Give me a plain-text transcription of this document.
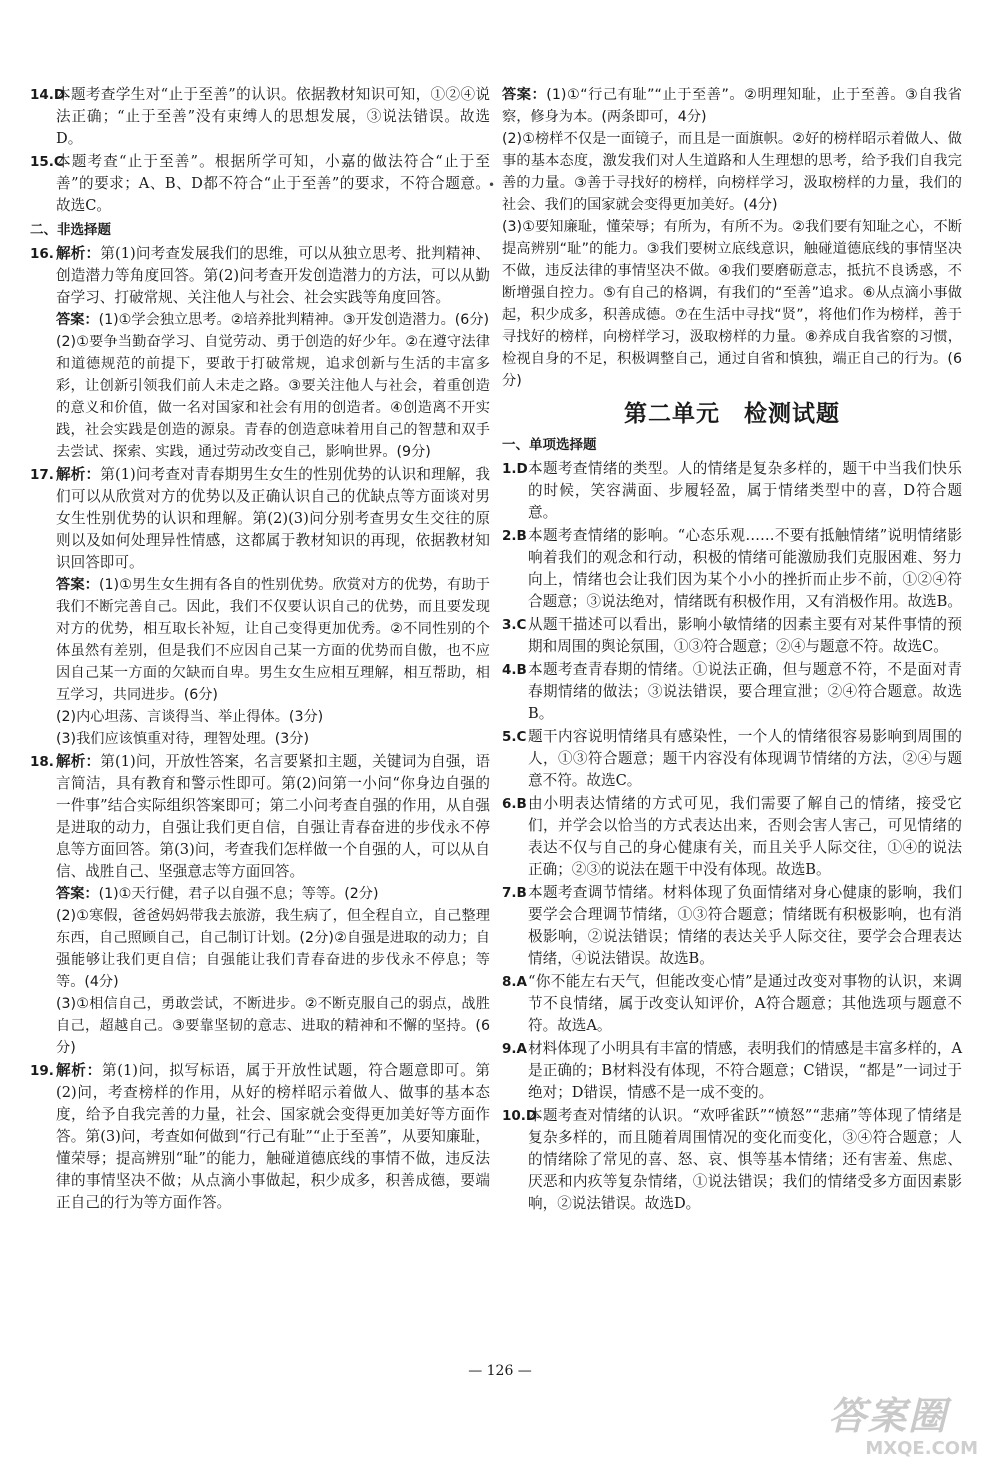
14.D
本题考查学生对“止于至善”的认识。依据教材知识可知，①②④说法正确；“止于至善”没有束缚人的思想发展，③说法错误。故选D。
15.C
本题考查“止于至善”。根据所学可知，小嘉的做法符合“止于至善”的要求；A、B、D都不符合“止于至善”的要求，不符合题意。故选C。
二、非选择题
16. 解析：第(1)问考查发展我们的思维，可以从独立思考、批判精神、创造潜力等角度回答。第(2)问考查开发创造潜力的方法，可以从勤奋学习、打破常规、关注他人与社会、社会实践等角度回答。
答案：(1)①学会独立思考。②培养批判精神。③开发创造潜力。(6分)
(2)①要争当勤奋学习、自觉劳动、勇于创造的好少年。②在遵守法律和道德规范的前提下，要敢于打破常规，追求创新与生活的丰富多彩，让创新引领我们前人未走之路。③要关注他人与社会，着重创造的意义和价值，做一名对国家和社会有用的创造者。④创造离不开实践，社会实践是创造的源泉。青春的创造意味着用自己的智慧和双手去尝试、探索、实践，通过劳动改变自己，影响世界。(9分)
17. 解析：第(1)问考查对青春期男生女生的性别优势的认识和理解，我们可以从欣赏对方的优势以及正确认识自己的优缺点等方面谈对男女生性别优势的认识和理解。第(2)(3)问分别考查男女生交往的原则以及如何处理异性情感，这都属于教材知识的再现，依据教材知识回答即可。
答案：(1)①男生女生拥有各自的性别优势。欣赏对方的优势，有助于我们不断完善自己。因此，我们不仅要认识自己的优势，而且要发现对方的优势，相互取长补短，让自己变得更加优秀。②不同性别的个体虽然有差别，但是我们不应因自己某一方面的优势而自傲，也不应因自己某一方面的欠缺而自卑。男生女生应相互理解，相互帮助，相互学习，共同进步。(6分)
(2)内心坦荡、言谈得当、举止得体。(3分)
(3)我们应该慎重对待，理智处理。(3分)
18. 解析：第(1)问，开放性答案，名言要紧扣主题，关键词为自强，语言简洁，具有教育和警示性即可。第(2)问第一小问“你身边自强的一件事”结合实际组织答案即可；第二小问考查自强的作用，从自强是进取的动力，自强让我们更自信，自强让青春奋进的步伐永不停息等方面回答。第(3)问，考查我们怎样做一个自强的人，可以从自信、战胜自己、坚强意志等方面回答。
答案：(1)①天行健，君子以自强不息；等等。(2分)
(2)①寒假，爸爸妈妈带我去旅游，我生病了，但全程自立，自己整理东西，自己照顾自己，自己制订计划。(2分)②自强是进取的动力；自强能够让我们更自信；自强能让我们青春奋进的步伐永不停息；等等。(4分)
(3)①相信自己，勇敢尝试，不断进步。②不断克服自己的弱点，战胜自己，超越自己。③要靠坚韧的意志、进取的精神和不懈的坚持。(6分)
19. 解析：第(1)问，拟写标语，属于开放性试题，符合题意即可。第(2)问，考查榜样的作用，从好的榜样昭示着做人、做事的基本态度，给予自我完善的力量，社会、国家就会变得更加美好等方面作答。第(3)问，考查如何做到“行己有耻”“止于至善”，从要知廉耻，懂荣辱；提高辨别“耻”的能力，触碰道德底线的事情不做，违反法律的事情坚决不做；从点滴小事做起，积少成多，积善成德，要端正自己的行为等方面作答。
•
答案：(1)①“行己有耻”“止于至善”。②明理知耻，止于至善。③自我省察，修身为本。(两条即可，4分)
(2)①榜样不仅是一面镜子，而且是一面旗帜。②好的榜样昭示着做人、做事的基本态度，激发我们对人生道路和人生理想的思考，给予我们自我完善的力量。③善于寻找好的榜样，向榜样学习，汲取榜样的力量，我们的社会、我们的国家就会变得更加美好。(4分)
(3)①要知廉耻，懂荣辱；有所为，有所不为。②我们要有知耻之心，不断提高辨别“耻”的能力。③我们要树立底线意识，触碰道德底线的事情坚决不做，违反法律的事情坚决不做。④我们要磨砺意志，抵抗不良诱惑，不断增强自控力。⑤有自己的格调，有我们的“至善”追求。⑥从点滴小事做起，积少成多，积善成德。⑦在生活中寻找“贤”，将他们作为榜样，善于寻找好的榜样，向榜样学习，汲取榜样的力量。⑧养成自我省察的习惯，检视自身的不足，积极调整自己，通过自省和慎独，端正自己的行为。(6分)
第二单元　检测试题
一、单项选择题
1.D 本题考查情绪的类型。人的情绪是复杂多样的，题干中当我们快乐的时候，笑容满面、步履轻盈，属于情绪类型中的喜，D符合题意。
2.B 本题考查情绪的影响。“心态乐观……不要有抵触情绪”说明情绪影响着我们的观念和行动，积极的情绪可能激励我们克服困难、努力向上，情绪也会让我们因为某个小小的挫折而止步不前，①②④符合题意；③说法绝对，情绪既有积极作用，又有消极作用。故选B。
3.C 从题干描述可以看出，影响小敏情绪的因素主要有对某件事情的预期和周围的舆论氛围，①③符合题意；②④与题意不符。故选C。
4.B 本题考查青春期的情绪。①说法正确，但与题意不符，不是面对青春期情绪的做法；③说法错误，要合理宣泄；②④符合题意。故选B。
5.C 题干内容说明情绪具有感染性，一个人的情绪很容易影响到周围的人，①③符合题意；题干内容没有体现调节情绪的方法，②④与题意不符。故选C。
6.B 由小明表达情绪的方式可见，我们需要了解自己的情绪，接受它们，并学会以恰当的方式表达出来，否则会害人害己，可见情绪的表达不仅与自己的身心健康有关，而且关乎人际交往，①④的说法正确；②③的说法在题干中没有体现。故选B。
7.B 本题考查调节情绪。材料体现了负面情绪对身心健康的影响，我们要学会合理调节情绪，①③符合题意；情绪既有积极影响，也有消极影响，②说法错误；情绪的表达关乎人际交往，要学会合理表达情绪，④说法错误。故选B。
8.A “你不能左右天气，但能改变心情”是通过改变对事物的认识，来调节不良情绪，属于改变认知评价，A符合题意；其他选项与题意不符。故选A。
9.A 材料体现了小明具有丰富的情感，表明我们的情感是丰富多样的，A是正确的；B材料没有体现，不符合题意；C错误，“都是”一词过于绝对；D错误，情感不是一成不变的。
10.D
本题考查对情绪的认识。“欢呼雀跃”“愤怒”“悲痛”等体现了情绪是复杂多样的，而且随着周围情况的变化而变化，③④符合题意；人的情绪除了常见的喜、怒、哀、惧等基本情绪；还有害羞、焦虑、厌恶和内疚等复杂情绪，①说法错误；我们的情绪受多方面因素影响，②说法错误。故选D。
— 126 —
答案圈
MXQE.COM
